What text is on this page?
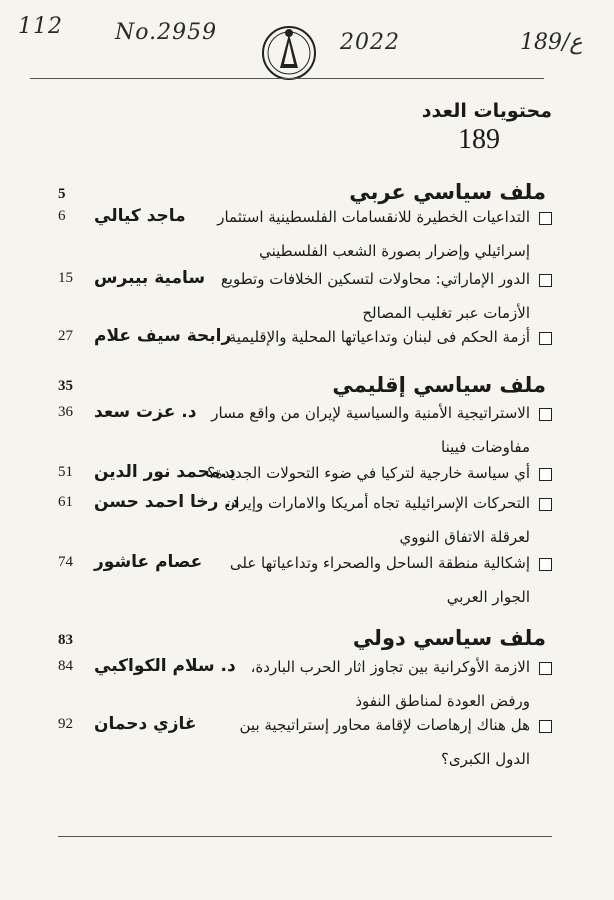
112 No.2959	2022	189/ع
محتويات العدد
189
ملف سياسي عربي
5
التداعيات الخطيرة للانقسامات الفلسطينية استثمار
ماجد كيالي
6
إسرائيلي وإضرار بصورة الشعب الفلسطيني
الدور الإماراتي: محاولات لتسكين الخلافات وتطويع
سامية بيبرس
15
الأزمات عبر تغليب المصالح
أزمة الحكم فى لبنان وتداعياتها المحلية والإقليمية
رابحة سيف علام
27
ملف سياسي إقليمي
35
الاستراتيجية الأمنية والسياسية لإيران من واقع مسار
د. عزت سعد
36
مفاوضات فيينا
أي سياسة خارجية لتركيا في ضوء التحولات الجديدة؟
د.محمد نور الدين
51
التحركات الإسرائيلية تجاه أمريكا والامارات وإيران
د. رخا احمد حسن
61
لعرقلة الاتفاق النووي
إشكالية منطقة الساحل والصحراء وتداعياتها على
عصام عاشور
74
الجوار العربي
ملف سياسي دولي
83
الازمة الأوكرانية بين تجاوز اثار الحرب الباردة،
د. سلام الكواكبي
84
ورفض العودة لمناطق النفوذ
هل هناك إرهاصات لإقامة محاور إستراتيجية بين
غازي دحمان
92
الدول الكبرى؟
